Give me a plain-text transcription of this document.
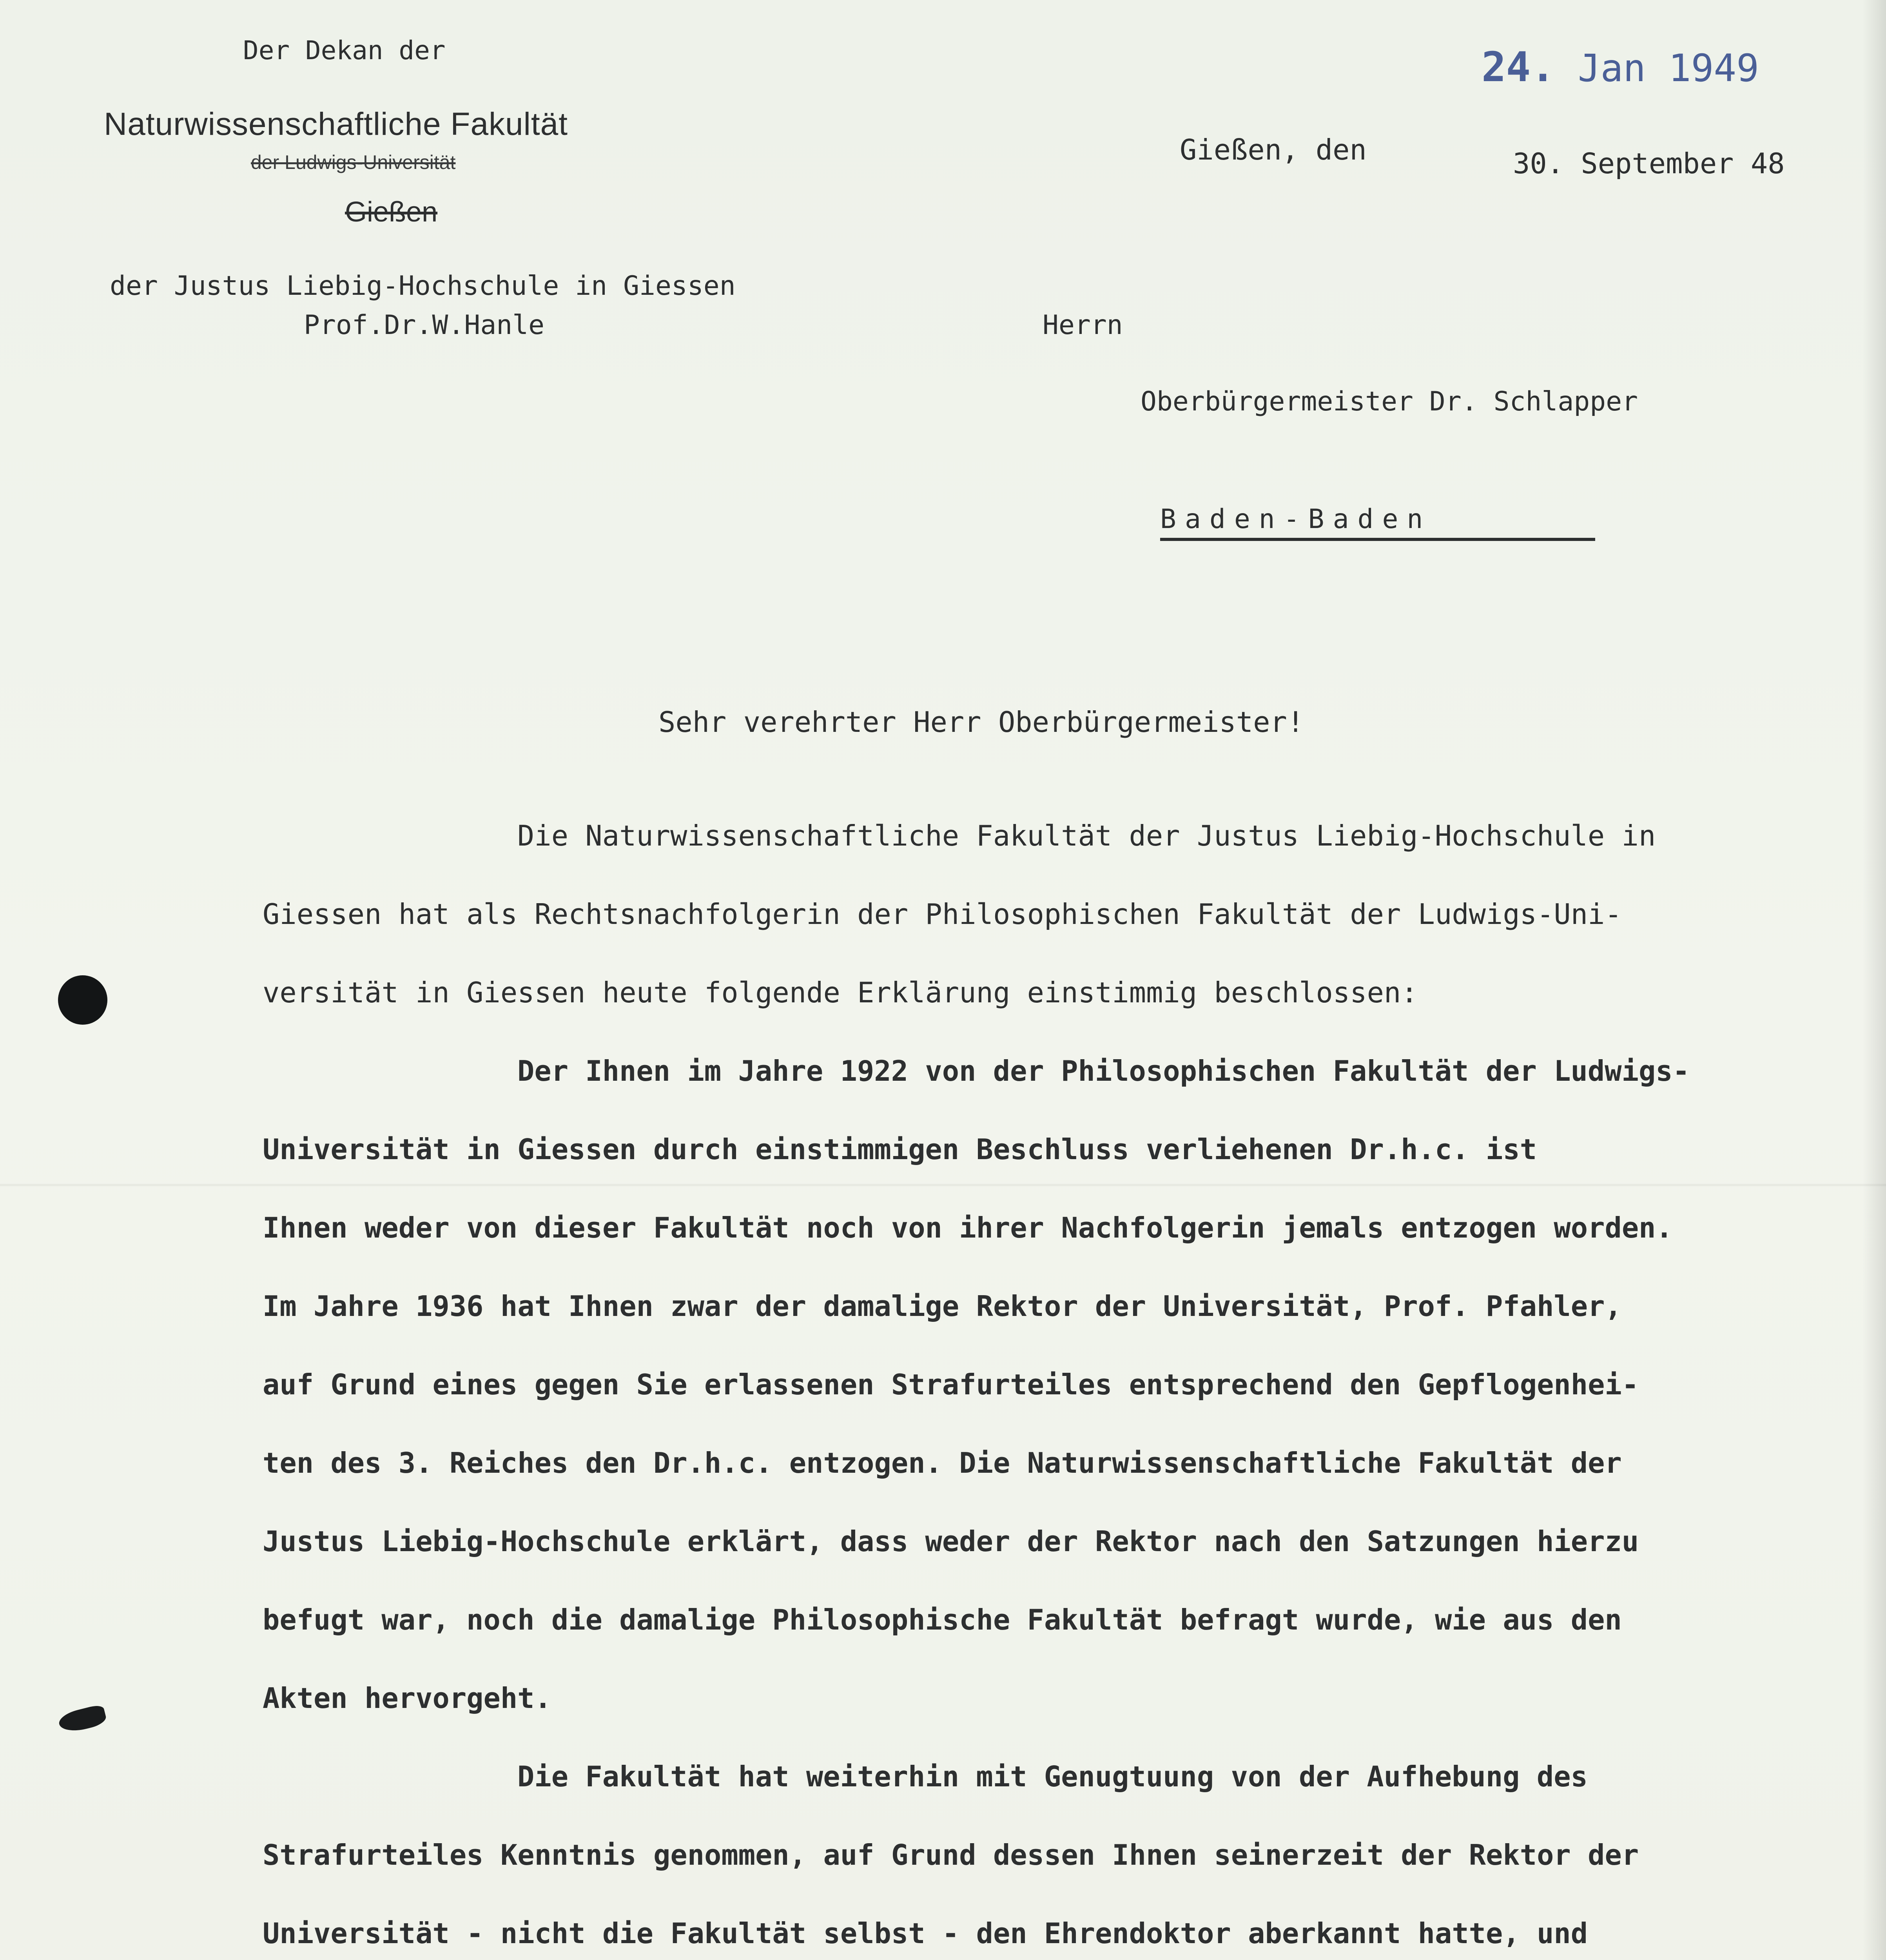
Der Dekan der
Naturwissenschaftliche Fakultät
der Ludwigs-Universität
Gießen
der Justus Liebig-Hochschule in Giessen
Prof.Dr.W.Hanle
24. Jan 1949
Gießen, den	30. September 48
Herrn
Oberbürgermeister Dr. Schlapper
Baden-Baden
Sehr verehrter Herr Oberbürgermeister!
Die Naturwissenschaftliche Fakultät der Justus Liebig-Hochschule in
Giessen hat als Rechtsnachfolgerin der Philosophischen Fakultät der Ludwigs-Uni-
versität in Giessen heute folgende Erklärung einstimmig beschlossen:
Der Ihnen im Jahre 1922 von der Philosophischen Fakultät der Ludwigs-
Universität in Giessen durch einstimmigen Beschluss verliehenen Dr.h.c. ist
Ihnen weder von dieser Fakultät noch von ihrer Nachfolgerin jemals entzogen worden.
Im Jahre 1936 hat Ihnen zwar der damalige Rektor der Universität, Prof. Pfahler,
auf Grund eines gegen Sie erlassenen Strafurteiles entsprechend den Gepflogenhei-
ten des 3. Reiches den Dr.h.c. entzogen. Die Naturwissenschaftliche Fakultät der
Justus Liebig-Hochschule erklärt, dass weder der Rektor nach den Satzungen hierzu
befugt war, noch die damalige Philosophische Fakultät befragt wurde, wie aus den
Akten hervorgeht.
Die Fakultät hat weiterhin mit Genugtuung von der Aufhebung des
Strafurteiles Kenntnis genommen, auf Grund dessen Ihnen seinerzeit der Rektor der
Universität - nicht die Fakultät selbst - den Ehrendoktor aberkannt hatte, und
